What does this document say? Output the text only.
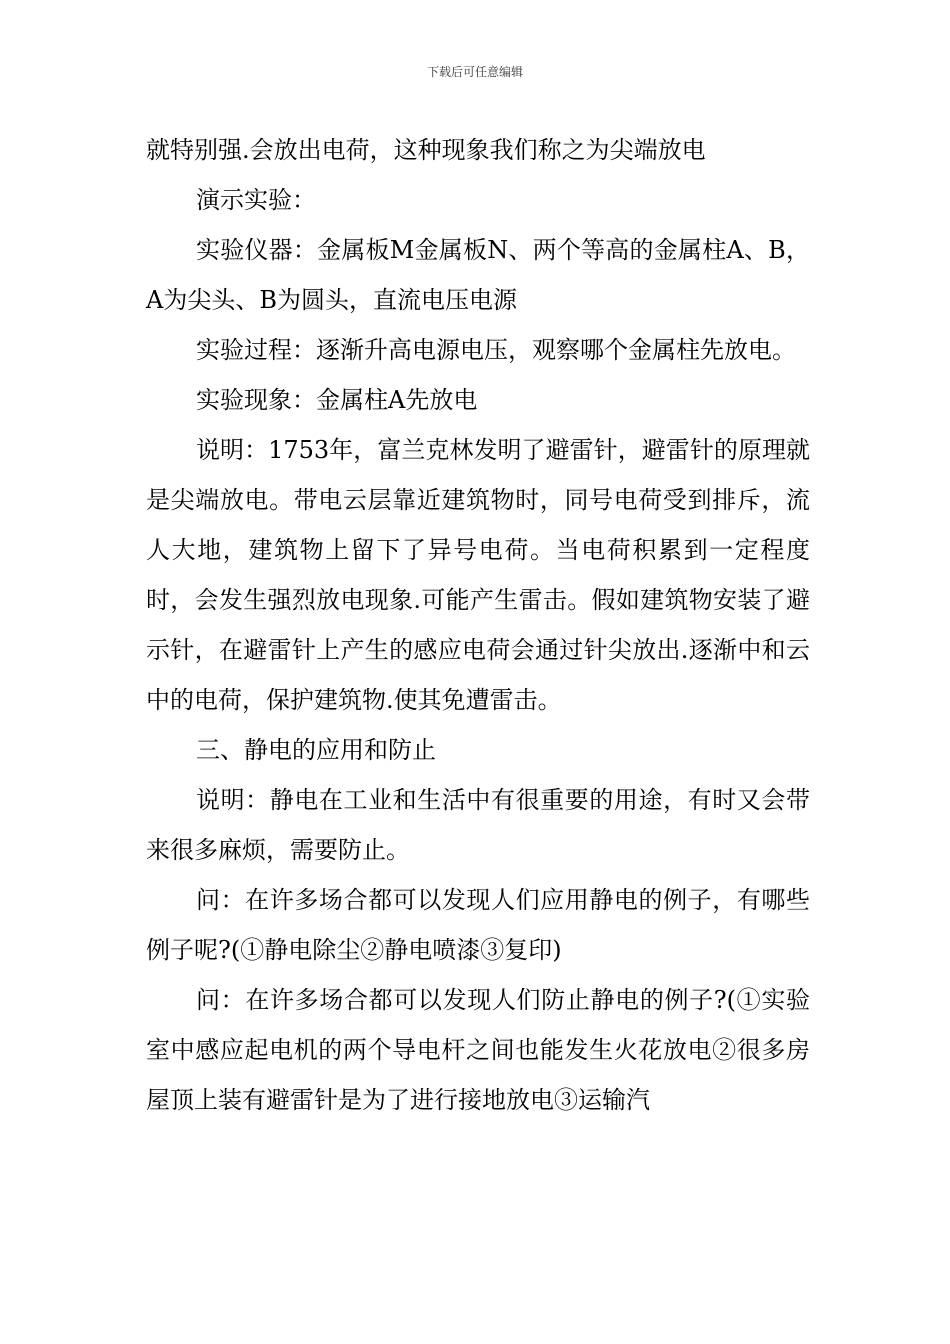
下载后可任意编辑

就特别强.会放出电荷，这种现象我们称之为尖端放电

演示实验：

实验仪器：金属板M金属板N、两个等高的金属柱A、B，A为尖头、B为圆头，直流电压电源

实验过程：逐渐升高电源电压，观察哪个金属柱先放电。

实验现象：金属柱A先放电

说明：1753年，富兰克林发明了避雷针，避雷针的原理就是尖端放电。带电云层靠近建筑物时，同号电荷受到排斥，流人大地，建筑物上留下了异号电荷。当电荷积累到一定程度时，会发生强烈放电现象.可能产生雷击。假如建筑物安装了避示针，在避雷针上产生的感应电荷会通过针尖放出.逐渐中和云中的电荷，保护建筑物.使其免遭雷击。

三、静电的应用和防止

说明：静电在工业和生活中有很重要的用途，有时又会带来很多麻烦，需要防止。

问：在许多场合都可以发现人们应用静电的例子，有哪些例子呢?(①静电除尘②静电喷漆③复印)

问：在许多场合都可以发现人们防止静电的例子?(①实验室中感应起电机的两个导电杆之间也能发生火花放电②很多房屋顶上装有避雷针是为了进行接地放电③运输汽
